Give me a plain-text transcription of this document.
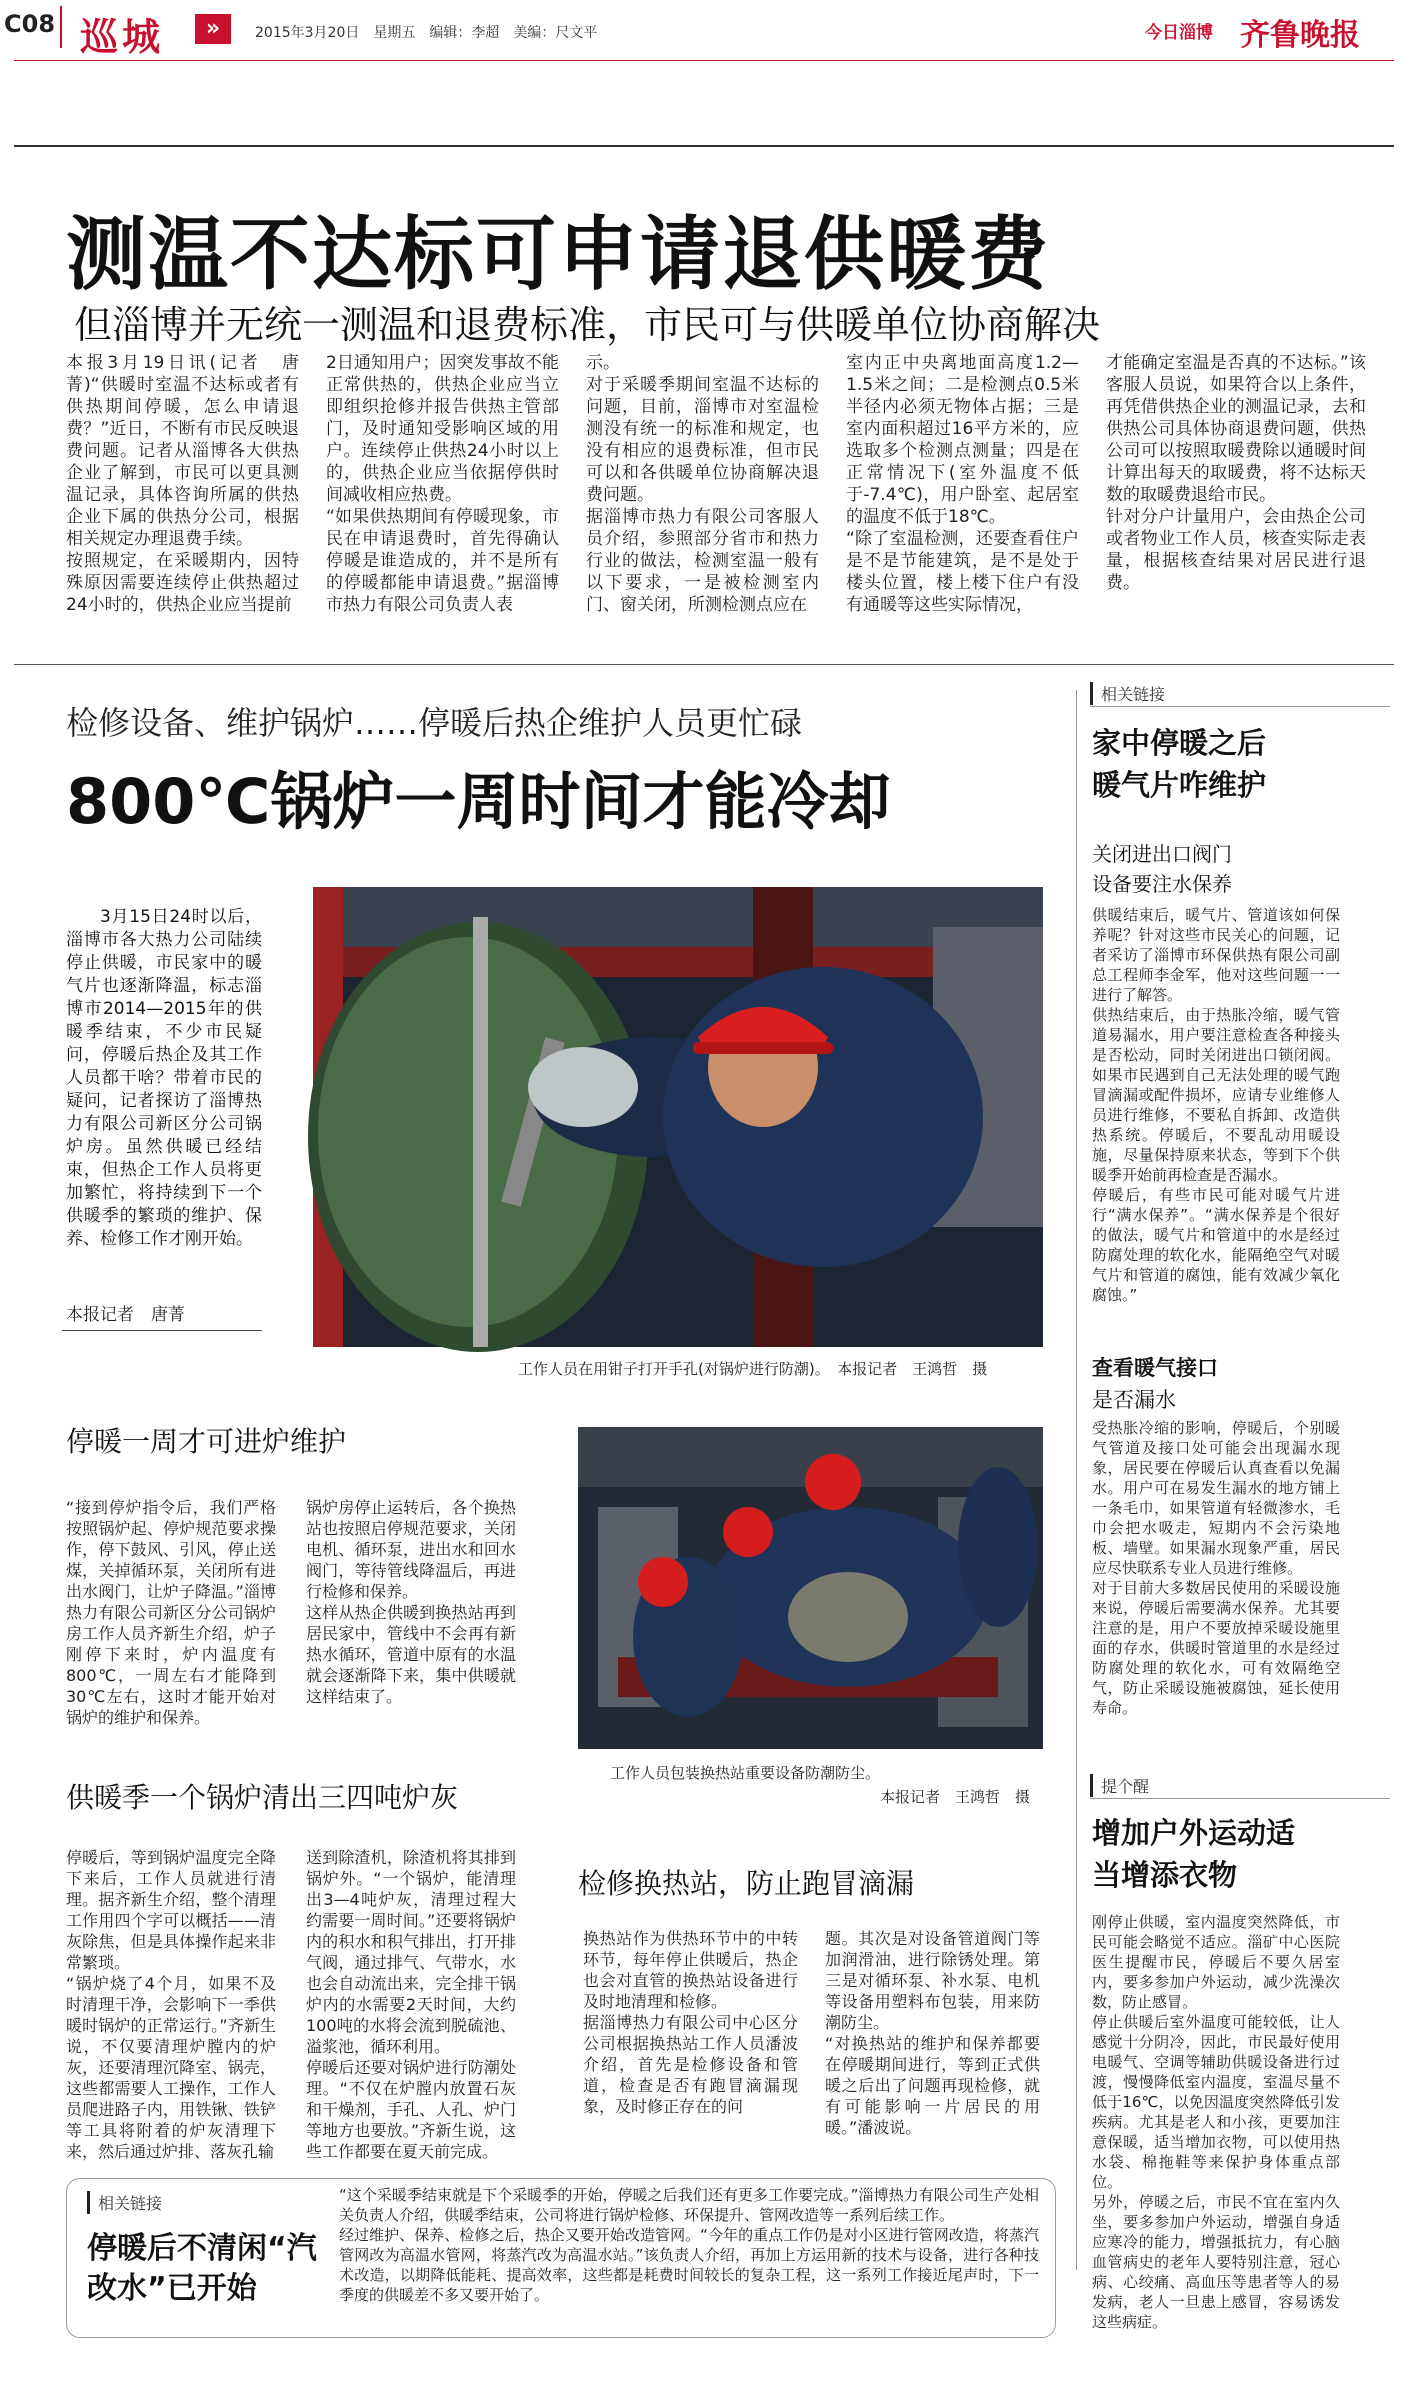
C08 巡城	»	2015年3月20日　星期五　编辑：李超　美编：尺文平	今日淄博 齐鲁晚报
测温不达标可申请退供暖费
但淄博并无统一测温和退费标准，市民可与供暖单位协商解决
本报3月19日讯(记者　唐菁)“供暖时室温不达标或者有供热期间停暖，怎么申请退费？”近日，不断有市民反映退费问题。记者从淄博各大供热企业了解到，市民可以更具测温记录，具体咨询所属的供热企业下属的供热分公司，根据相关规定办理退费手续。
按照规定，在采暖期内，因特殊原因需要连续停止供热超过24小时的，供热企业应当提前
2日通知用户；因突发事故不能正常供热的，供热企业应当立即组织抢修并报告供热主管部门，及时通知受影响区域的用户。连续停止供热24小时以上的，供热企业应当依据停供时间减收相应热费。
“如果供热期间有停暖现象，市民在申请退费时，首先得确认停暖是谁造成的，并不是所有的停暖都能申请退费。”据淄博市热力有限公司负责人表
示。
对于采暖季期间室温不达标的问题，目前，淄博市对室温检测没有统一的标准和规定，也没有相应的退费标准，但市民可以和各供暖单位协商解决退费问题。
据淄博市热力有限公司客服人员介绍，参照部分省市和热力行业的做法，检测室温一般有以下要求，一是被检测室内门、窗关闭，所测检测点应在
室内正中央离地面高度1.2—1.5米之间；二是检测点0.5米半径内必须无物体占据；三是室内面积超过16平方米的，应选取多个检测点测量；四是在正常情况下(室外温度不低于-7.4℃)，用户卧室、起居室的温度不低于18℃。
“除了室温检测，还要查看住户是不是节能建筑，是不是处于楼头位置，楼上楼下住户有没有通暖等这些实际情况，
才能确定室温是否真的不达标。”该客服人员说，如果符合以上条件，再凭借供热企业的测温记录，去和供热公司具体协商退费问题，供热公司可以按照取暖费除以通暖时间计算出每天的取暖费，将不达标天数的取暖费退给市民。
针对分户计量用户，会由热企公司或者物业工作人员，核查实际走表量，根据核查结果对居民进行退费。
检修设备、维护锅炉……停暖后热企维护人员更忙碌
800℃锅炉一周时间才能冷却
3月15日24时以后，淄博市各大热力公司陆续停止供暖，市民家中的暖气片也逐渐降温，标志淄博市2014—2015年的供暖季结束，不少市民疑问，停暖后热企及其工作人员都干啥？带着市民的疑问，记者探访了淄博热力有限公司新区分公司锅炉房。虽然供暖已经结束，但热企工作人员将更加繁忙，将持续到下一个供暖季的繁琐的维护、保养、检修工作才刚开始。
本报记者　唐菁
工作人员在用钳子打开手孔(对锅炉进行防潮)。　本报记者　王鸿哲　摄
停暖一周才可进炉维护
“接到停炉指令后，我们严格按照锅炉起、停炉规范要求操作，停下鼓风、引风，停止送煤，关掉循环泵，关闭所有进出水阀门，让炉子降温。”淄博热力有限公司新区分公司锅炉房工作人员齐新生介绍，炉子刚停下来时，炉内温度有800℃，一周左右才能降到30℃左右，这时才能开始对锅炉的维护和保养。
锅炉房停止运转后，各个换热站也按照启停规范要求，关闭电机、循环泵，进出水和回水阀门，等待管线降温后，再进行检修和保养。
这样从热企供暖到换热站再到居民家中，管线中不会再有新热水循环，管道中原有的水温就会逐渐降下来，集中供暖就这样结束了。
工作人员包装换热站重要设备防潮防尘。
本报记者　王鸿哲　摄
供暖季一个锅炉清出三四吨炉灰
停暖后，等到锅炉温度完全降下来后，工作人员就进行清理。据齐新生介绍，整个清理工作用四个字可以概括——清灰除焦，但是具体操作起来非常繁琐。
“锅炉烧了4个月，如果不及时清理干净，会影响下一季供暖时锅炉的正常运行。”齐新生说，不仅要清理炉膛内的炉灰，还要清理沉降室、锅壳，这些都需要人工操作，工作人员爬进路子内，用铁锹、铁铲等工具将附着的炉灰清理下来，然后通过炉排、落灰孔输
送到除渣机，除渣机将其排到锅炉外。“一个锅炉，能清理出3—4吨炉灰，清理过程大约需要一周时间。”还要将锅炉内的积水和积气排出，打开排气阀，通过排气、气带水，水也会自动流出来，完全排干锅炉内的水需要2天时间，大约100吨的水将会流到脱硫池、溢浆池，循环利用。
停暖后还要对锅炉进行防潮处理。“不仅在炉膛内放置石灰和干燥剂，手孔、人孔、炉门等地方也要放。”齐新生说，这些工作都要在夏天前完成。
检修换热站，防止跑冒滴漏
换热站作为供热环节中的中转环节，每年停止供暖后，热企也会对直管的换热站设备进行及时地清理和检修。
据淄博热力有限公司中心区分公司根据换热站工作人员潘波介绍，首先是检修设备和管道，检查是否有跑冒滴漏现象，及时修正存在的问
题。其次是对设备管道阀门等加润滑油，进行除锈处理。第三是对循环泵、补水泵、电机等设备用塑料布包装，用来防潮防尘。
“对换热站的维护和保养都要在停暖期间进行，等到正式供暖之后出了问题再现检修，就有可能影响一片居民的用暖。”潘波说。
相关链接
停暖后不清闲“汽改水”已开始
“这个采暖季结束就是下个采暖季的开始，停暖之后我们还有更多工作要完成。”淄博热力有限公司生产处相关负责人介绍，供暖季结束，公司将进行锅炉检修、环保提升、管网改造等一系列后续工作。
经过维护、保养、检修之后，热企又要开始改造管网。“今年的重点工作仍是对小区进行管网改造，将蒸汽管网改为高温水管网，将蒸汽改为高温水站。”该负责人介绍，再加上方运用新的技术与设备，进行各种技术改造，以期降低能耗、提高效率，这些都是耗费时间较长的复杂工程，这一系列工作接近尾声时，下一季度的供暖差不多又要开始了。
相关链接
家中停暖之后暖气片咋维护
关闭进出口阀门
设备要注水保养
供暖结束后，暖气片、管道该如何保养呢？针对这些市民关心的问题，记者采访了淄博市环保供热有限公司副总工程师李金军，他对这些问题一一进行了解答。
供热结束后，由于热胀冷缩，暖气管道易漏水，用户要注意检查各种接头是否松动，同时关闭进出口锁闭阀。如果市民遇到自己无法处理的暖气跑冒滴漏或配件损坏，应请专业维修人员进行维修，不要私自拆卸、改造供热系统。停暖后，不要乱动用暖设施，尽量保持原来状态，等到下个供暖季开始前再检查是否漏水。
停暖后，有些市民可能对暖气片进行“满水保养”。“满水保养是个很好的做法，暖气片和管道中的水是经过防腐处理的软化水，能隔绝空气对暖气片和管道的腐蚀，能有效减少氧化腐蚀。”
查看暖气接口
是否漏水
受热胀冷缩的影响，停暖后，个别暖气管道及接口处可能会出现漏水现象，居民要在停暖后认真查看以免漏水。用户可在易发生漏水的地方铺上一条毛巾，如果管道有轻微渗水，毛巾会把水吸走，短期内不会污染地板、墙壁。如果漏水现象严重，居民应尽快联系专业人员进行维修。
对于目前大多数居民使用的采暖设施来说，停暖后需要满水保养。尤其要注意的是，用户不要放掉采暖设施里面的存水，供暖时管道里的水是经过防腐处理的软化水，可有效隔绝空气，防止采暖设施被腐蚀，延长使用寿命。
提个醒
增加户外运动适当增添衣物
刚停止供暖，室内温度突然降低，市民可能会略觉不适应。淄矿中心医院医生提醒市民，停暖后不要久居室内，要多参加户外运动，减少洗澡次数，防止感冒。
停止供暖后室外温度可能较低，让人感觉十分阴冷，因此，市民最好使用电暖气、空调等辅助供暖设备进行过渡，慢慢降低室内温度，室温尽量不低于16℃，以免因温度突然降低引发疾病。尤其是老人和小孩，更要加注意保暖，适当增加衣物，可以使用热水袋、棉拖鞋等来保护身体重点部位。
另外，停暖之后，市民不宜在室内久坐，要多参加户外运动，增强自身适应寒冷的能力，增强抵抗力，有心脑血管病史的老年人要特别注意，冠心病、心绞痛、高血压等患者等人的易发病，老人一旦患上感冒，容易诱发这些病症。
